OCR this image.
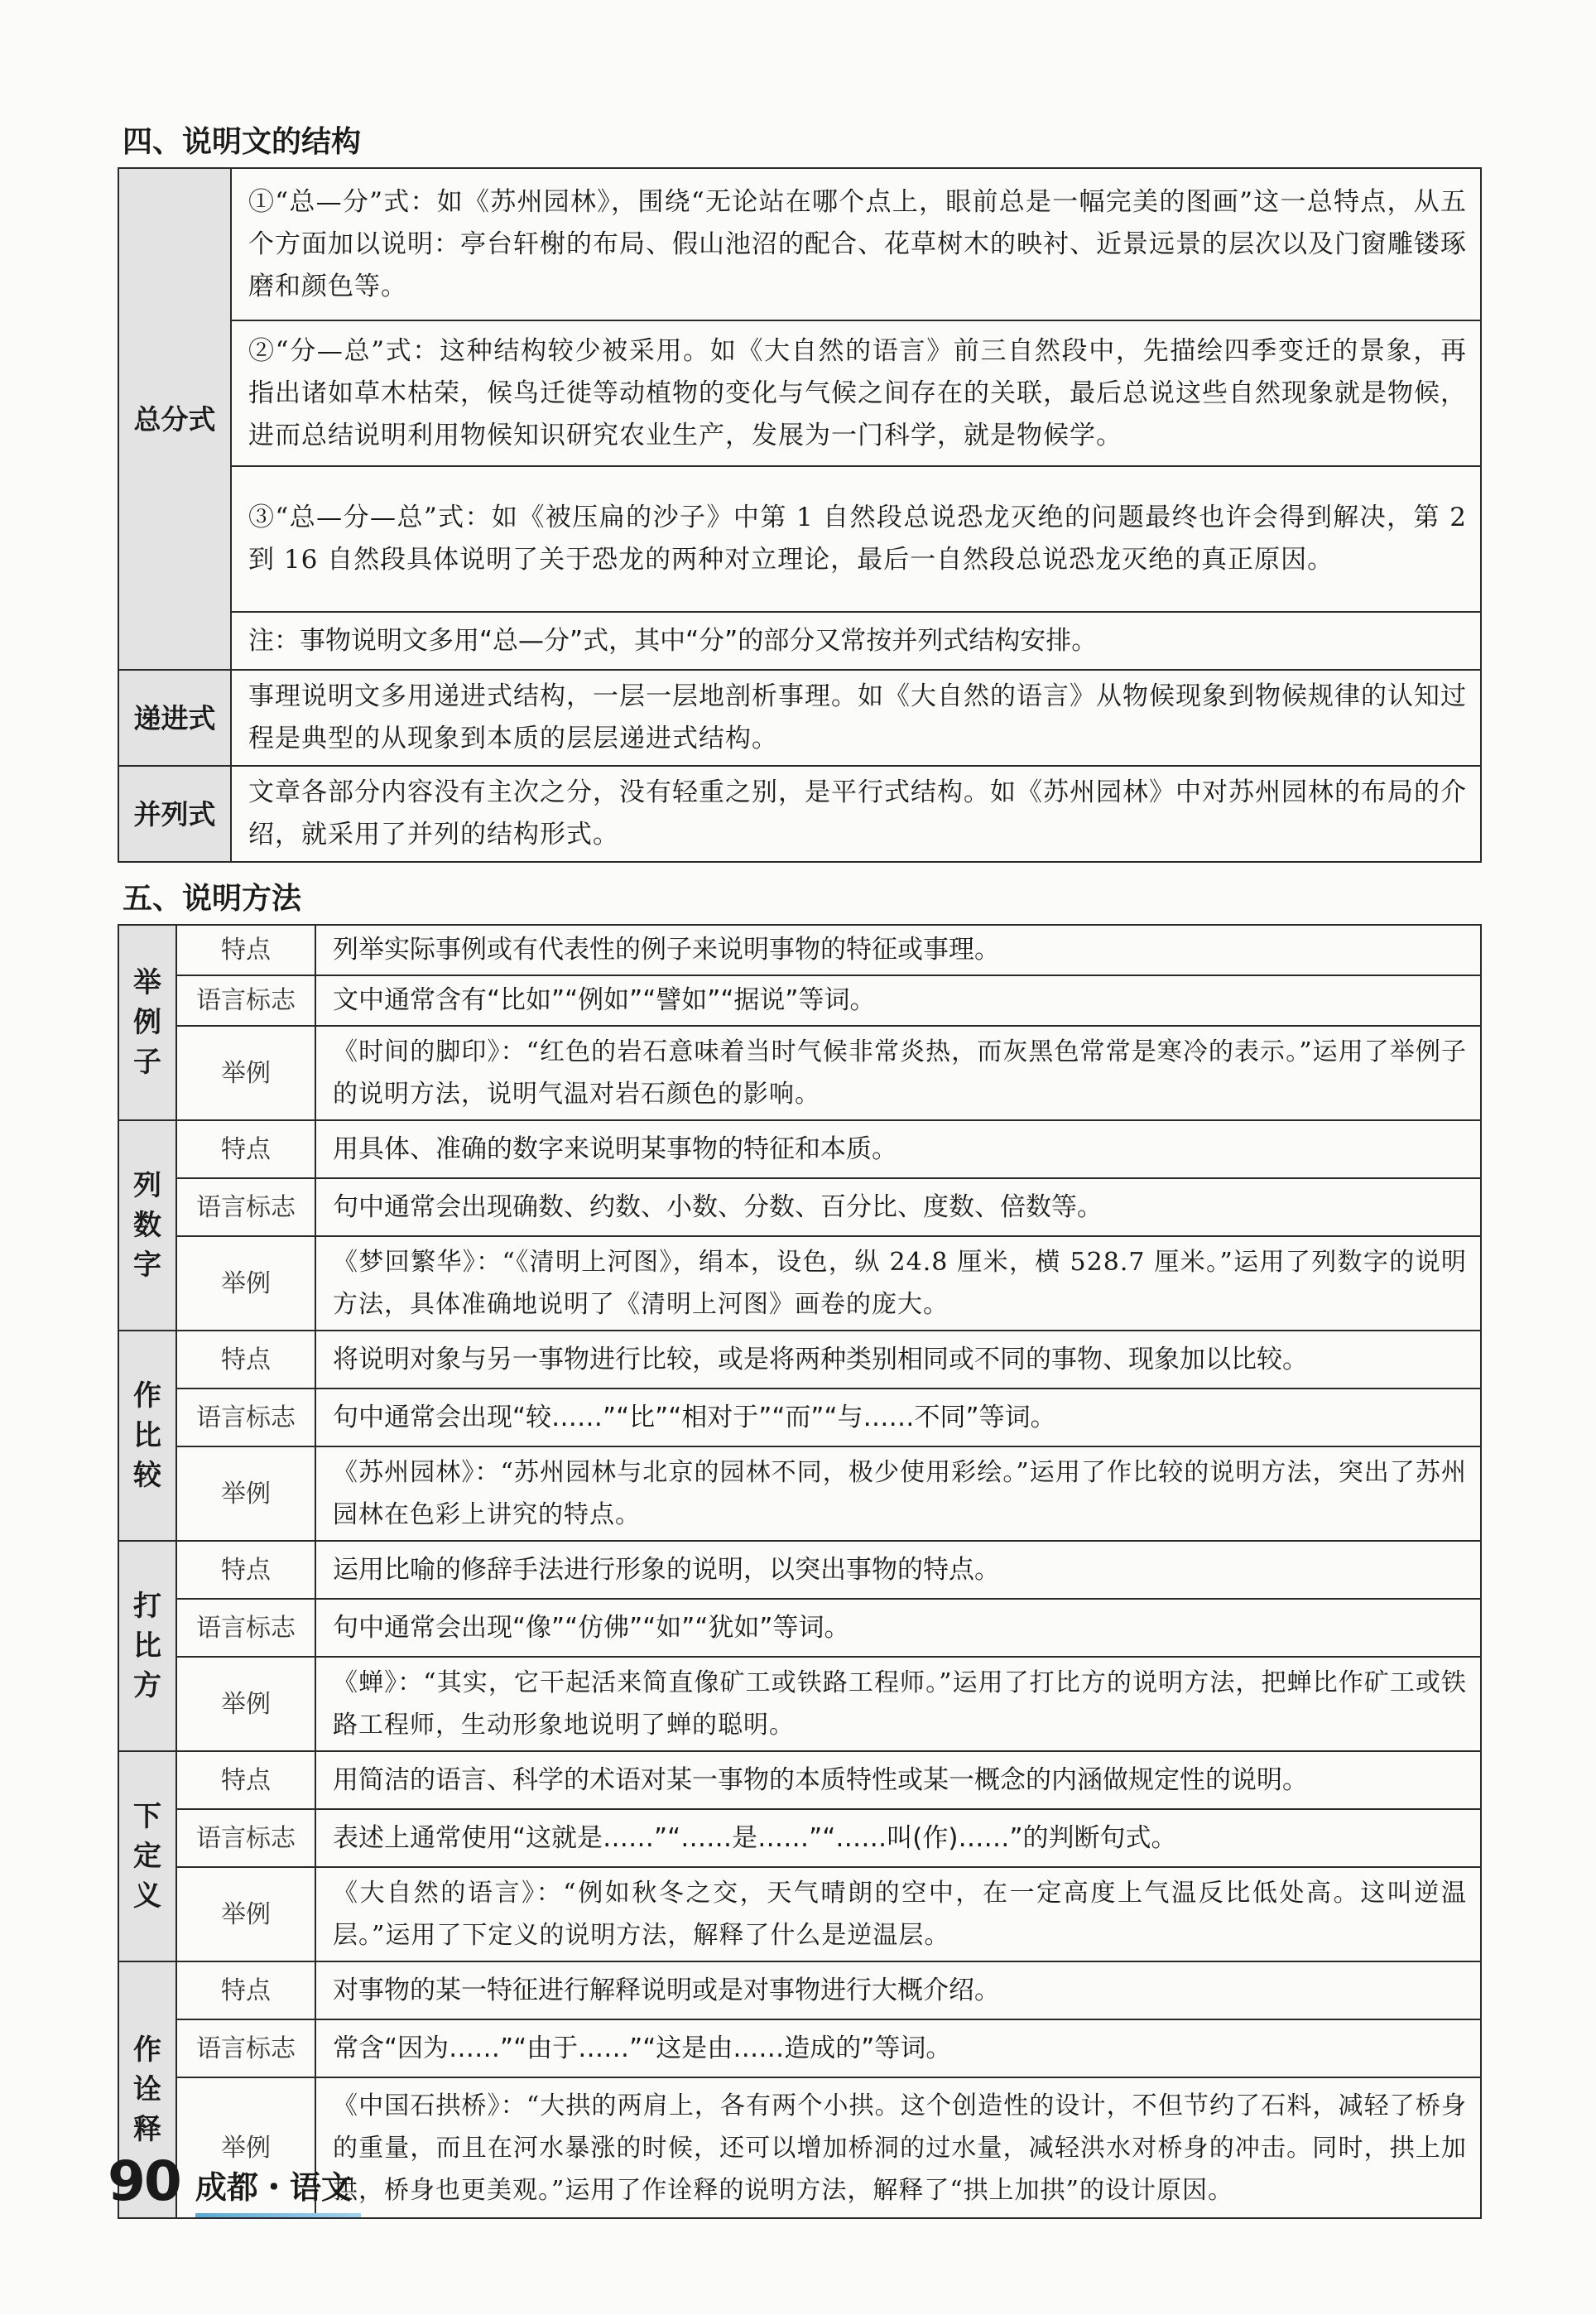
四、说明文的结构
总分式	①“总—分”式：如《苏州园林》，围绕“无论站在哪个点上，眼前总是一幅完美的图画”这一总特点，从五个方面加以说明：亭台轩榭的布局、假山池沼的配合、花草树木的映衬、近景远景的层次以及门窗雕镂琢磨和颜色等。
	②“分—总”式：这种结构较少被采用。如《大自然的语言》前三自然段中，先描绘四季变迁的景象，再指出诸如草木枯荣，候鸟迁徙等动植物的变化与气候之间存在的关联，最后总说这些自然现象就是物候，进而总结说明利用物候知识研究农业生产，发展为一门科学，就是物候学。
	③“总—分—总”式：如《被压扁的沙子》中第 1 自然段总说恐龙灭绝的问题最终也许会得到解决，第 2 到 16 自然段具体说明了关于恐龙的两种对立理论，最后一自然段总说恐龙灭绝的真正原因。
	注：事物说明文多用“总—分”式，其中“分”的部分又常按并列式结构安排。
递进式	事理说明文多用递进式结构，一层一层地剖析事理。如《大自然的语言》从物候现象到物候规律的认知过程是典型的从现象到本质的层层递进式结构。
并列式	文章各部分内容没有主次之分，没有轻重之别，是平行式结构。如《苏州园林》中对苏州园林的布局的介绍，就采用了并列的结构形式。
五、说明方法
举例子	特点	列举实际事例或有代表性的例子来说明事物的特征或事理。
	语言标志	文中通常含有“比如”“例如”“譬如”“据说”等词。
	举例	《时间的脚印》：“红色的岩石意味着当时气候非常炎热，而灰黑色常常是寒冷的表示。”运用了举例子的说明方法，说明气温对岩石颜色的影响。

列数字	特点	用具体、准确的数字来说明某事物的特征和本质。
	语言标志	句中通常会出现确数、约数、小数、分数、百分比、度数、倍数等。
	举例	《梦回繁华》：“《清明上河图》，绢本，设色，纵 24.8 厘米，横 528.7 厘米。”运用了列数字的说明方法，具体准确地说明了《清明上河图》画卷的庞大。

作比较	特点	将说明对象与另一事物进行比较，或是将两种类别相同或不同的事物、现象加以比较。
	语言标志	句中通常会出现“较……”“比”“相对于”“而”“与……不同”等词。
	举例	《苏州园林》：“苏州园林与北京的园林不同，极少使用彩绘。”运用了作比较的说明方法，突出了苏州园林在色彩上讲究的特点。

打比方	特点	运用比喻的修辞手法进行形象的说明，以突出事物的特点。
	语言标志	句中通常会出现“像”“仿佛”“如”“犹如”等词。
	举例	《蝉》：“其实，它干起活来简直像矿工或铁路工程师。”运用了打比方的说明方法，把蝉比作矿工或铁路工程师，生动形象地说明了蝉的聪明。

下定义	特点	用简洁的语言、科学的术语对某一事物的本质特性或某一概念的内涵做规定性的说明。
	语言标志	表述上通常使用“这就是……”“……是……”“……叫(作)……”的判断句式。
	举例	《大自然的语言》：“例如秋冬之交，天气晴朗的空中，在一定高度上气温反比低处高。这叫逆温层。”运用了下定义的说明方法，解释了什么是逆温层。

作诠释	特点	对事物的某一特征进行解释说明或是对事物进行大概介绍。
	语言标志	常含“因为……”“由于……”“这是由……造成的”等词。
	举例	《中国石拱桥》：“大拱的两肩上，各有两个小拱。这个创造性的设计，不但节约了石料，减轻了桥身的重量，而且在河水暴涨的时候，还可以增加桥洞的过水量，减轻洪水对桥身的冲击。同时，拱上加拱，桥身也更美观。”运用了作诠释的说明方法，解释了“拱上加拱”的设计原因。
90 成都・语文
